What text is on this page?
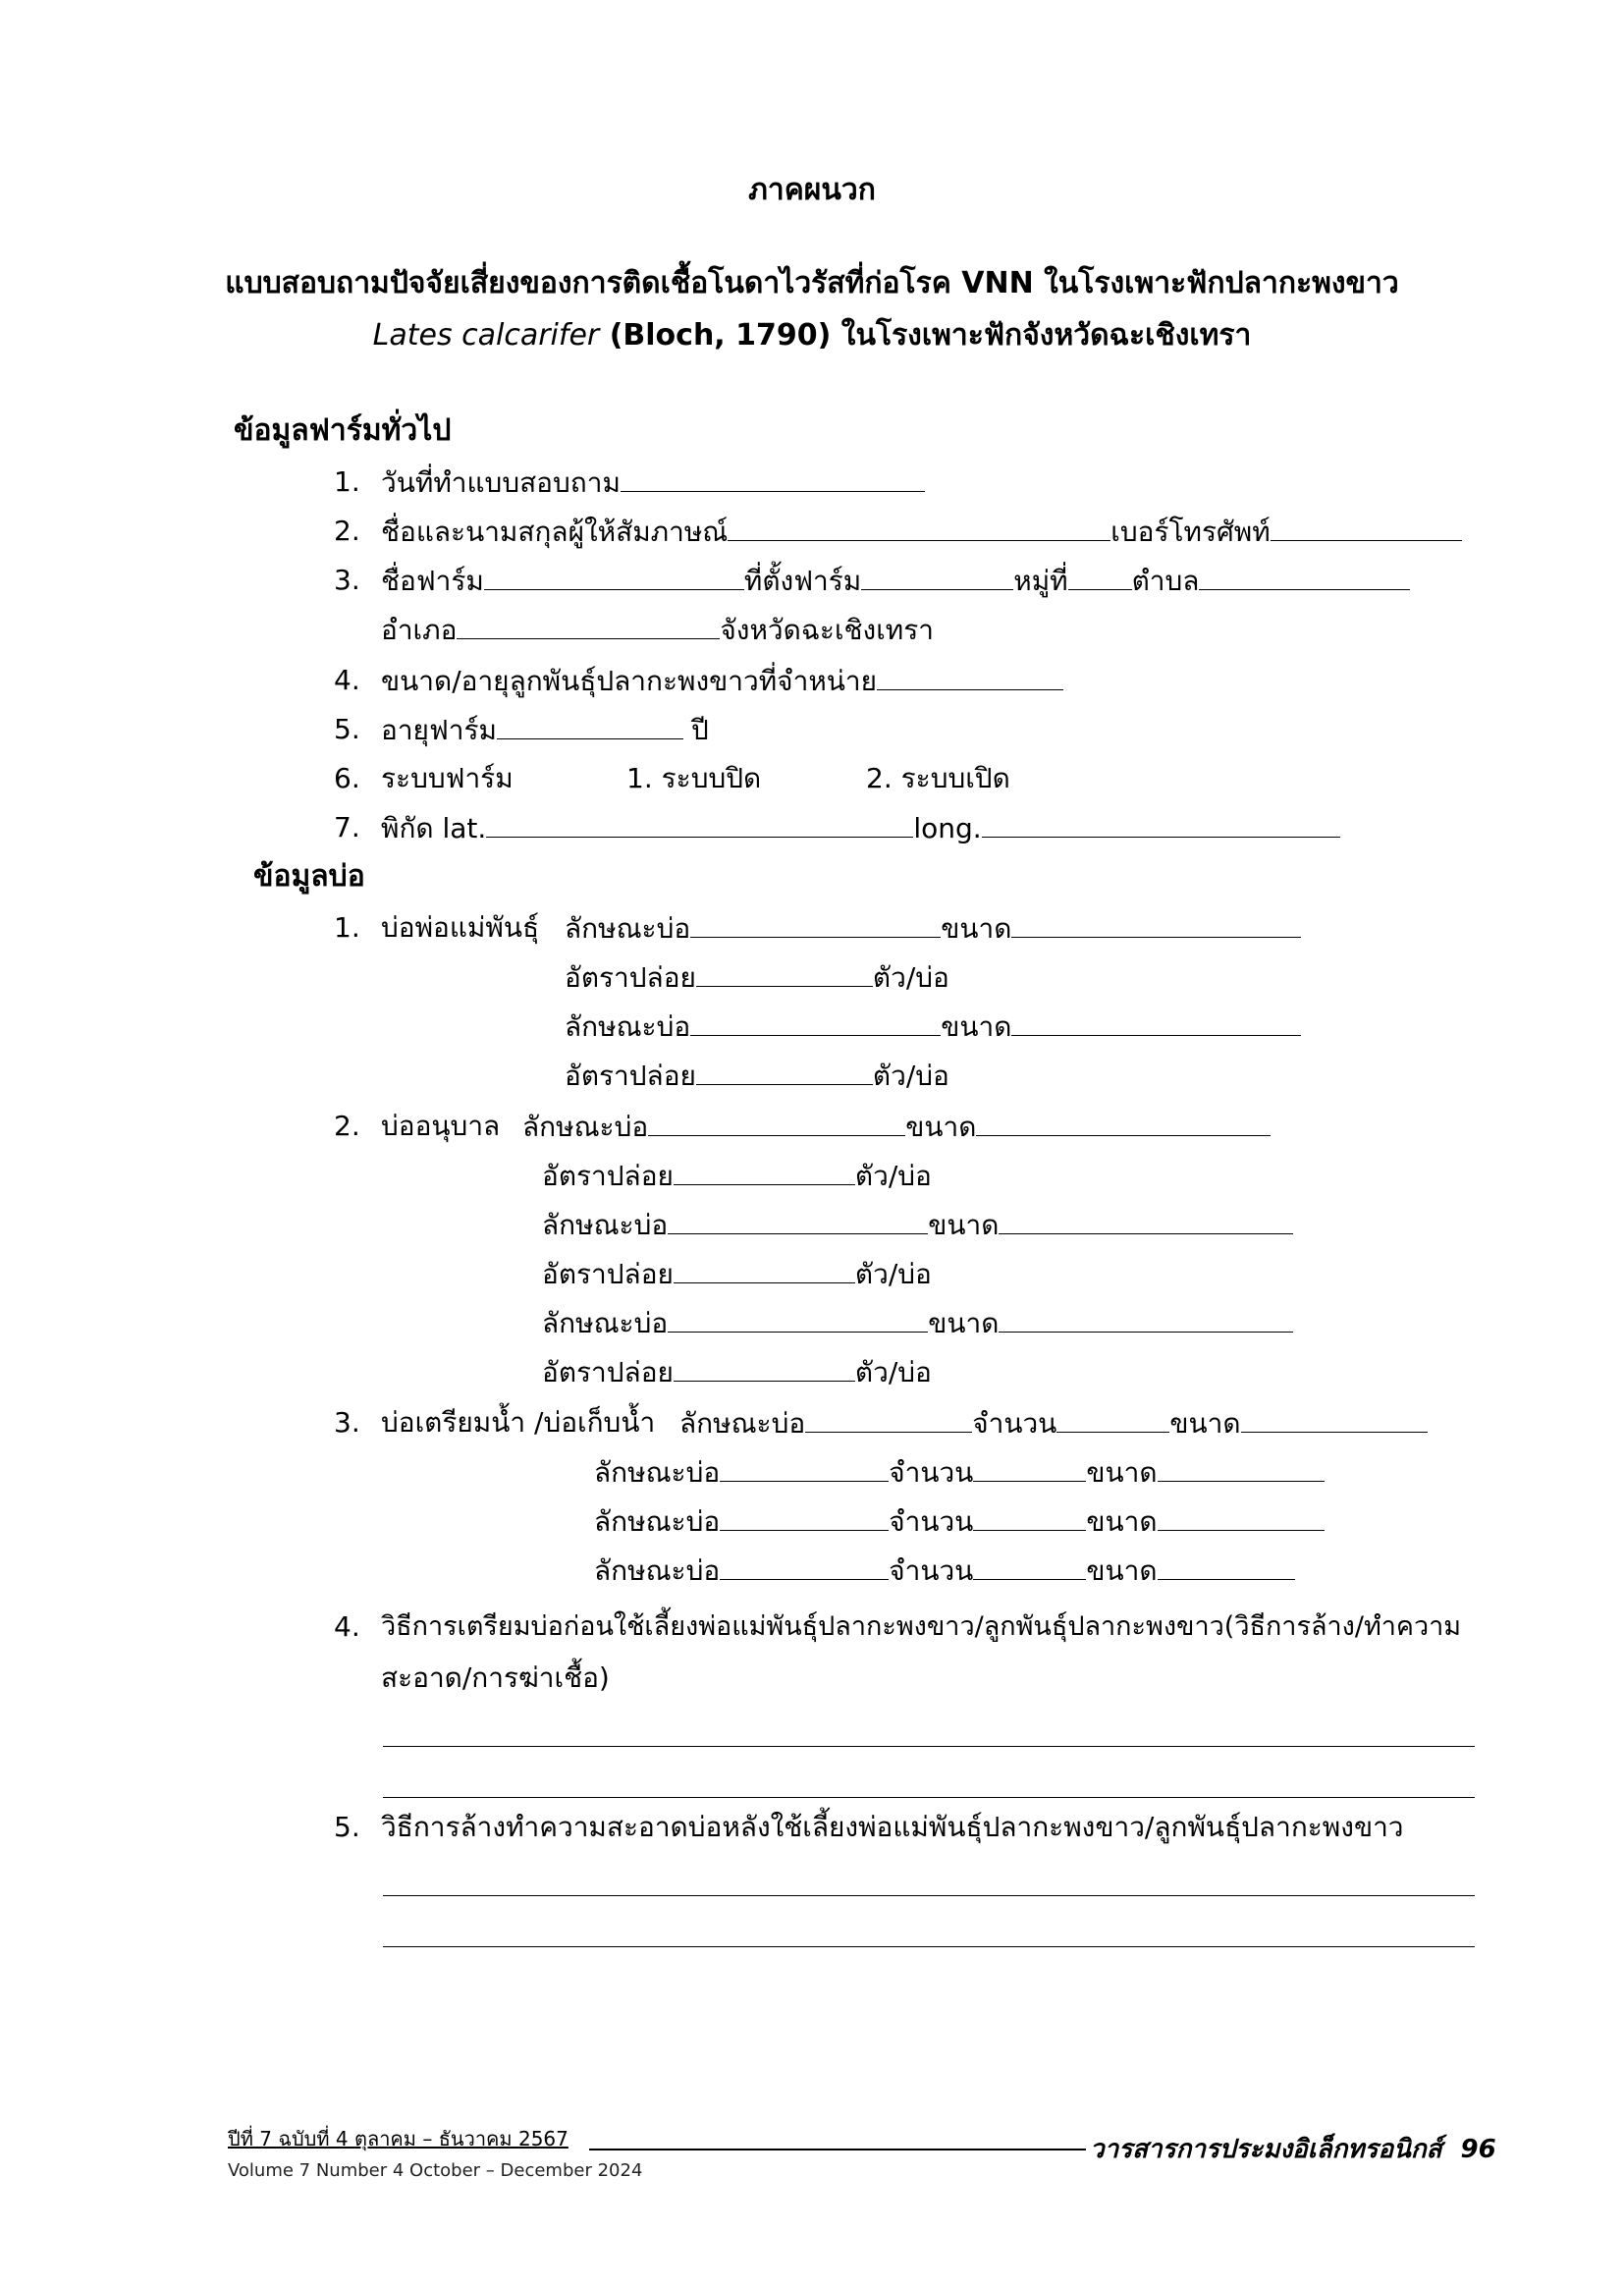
ภาคผนวก
แบบสอบถามปัจจัยเสี่ยงของการติดเชื้อโนดาไวรัสที่ก่อโรค VNN ในโรงเพาะฟักปลากะพงขาว
Lates calcarifer (Bloch, 1790) ในโรงเพาะฟักจังหวัดฉะเชิงเทรา
ข้อมูลฟาร์มทั่วไป
1. วันที่ทำแบบสอบถาม
2. ชื่อและนามสกุลผู้ให้สัมภาษณ์	เบอร์โทรศัพท์
3. ชื่อฟาร์ม	ที่ตั้งฟาร์ม	หมู่ที่ ตำบล
อำเภอ	จังหวัดฉะเชิงเทรา
4. ขนาด/อายุลูกพันธุ์ปลากะพงขาวที่จำหน่าย
5. อายุฟาร์ม	ปี
6. ระบบฟาร์ม	1. ระบบปิด	2. ระบบเปิด
7. พิกัด lat.	long.
ข้อมูลบ่อ
1. บ่อพ่อแม่พันธุ์ ลักษณะบ่อ	ขนาด
อัตราปล่อย	ตัว/บ่อ
ลักษณะบ่อ	ขนาด
อัตราปล่อย	ตัว/บ่อ
2. บ่ออนุบาล ลักษณะบ่อ	ขนาด
อัตราปล่อย	ตัว/บ่อ
ลักษณะบ่อ	ขนาด
อัตราปล่อย	ตัว/บ่อ
ลักษณะบ่อ	ขนาด
อัตราปล่อย	ตัว/บ่อ
3. บ่อเตรียมน้ำ /บ่อเก็บน้ำ ลักษณะบ่อ	จำนวน	ขนาด
ลักษณะบ่อ	จำนวน	ขนาด
ลักษณะบ่อ	จำนวน	ขนาด
ลักษณะบ่อ	จำนวน	ขนาด
4. วิธีการเตรียมบ่อก่อนใช้เลี้ยงพ่อแม่พันธุ์ปลากะพงขาว/ลูกพันธุ์ปลากะพงขาว(วิธีการล้าง/ทำความ
สะอาด/การฆ่าเชื้อ)
5. วิธีการล้างทำความสะอาดบ่อหลังใช้เลี้ยงพ่อแม่พันธุ์ปลากะพงขาว/ลูกพันธุ์ปลากะพงขาว
ปีที่ 7 ฉบับที่ 4 ตุลาคม – ธันวาคม 2567	วารสารการประมงอิเล็กทรอนิกส์ 96
Volume 7 Number 4 October – December 2024
